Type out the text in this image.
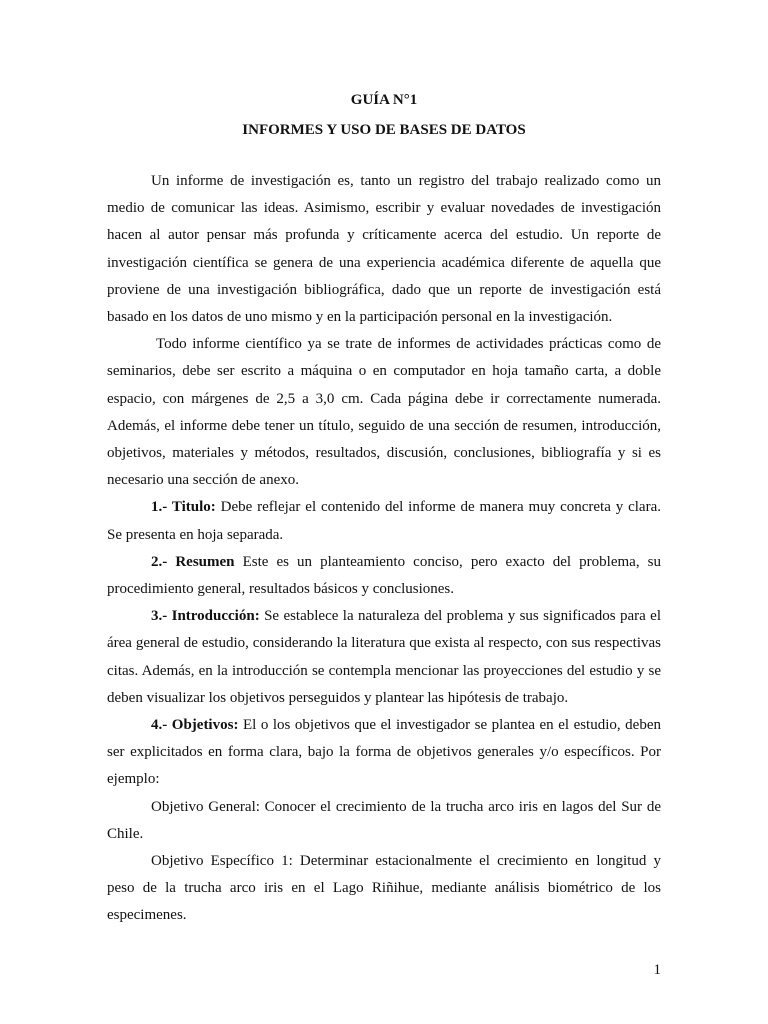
GUÍA N°1
INFORMES Y USO DE BASES DE DATOS

Un informe de investigación es, tanto un registro del trabajo realizado como un medio de comunicar las ideas. Asimismo, escribir y evaluar novedades de investigación hacen al autor pensar más profunda y críticamente acerca del estudio. Un reporte de investigación científica se genera de una experiencia académica diferente de aquella que proviene de una investigación bibliográfica, dado que un reporte de investigación está basado en los datos de uno mismo y en la participación personal en la investigación.

Todo informe científico ya se trate de informes de actividades prácticas como de seminarios, debe ser escrito a máquina o en computador en hoja tamaño carta, a doble espacio, con márgenes de 2,5 a 3,0 cm. Cada página debe ir correctamente numerada. Además, el informe debe tener un título, seguido de una sección de resumen, introducción, objetivos, materiales y métodos, resultados, discusión, conclusiones, bibliografía y si es necesario una sección de anexo.

1.- Titulo: Debe reflejar el contenido del informe de manera muy concreta y clara. Se presenta en hoja separada.

2.- Resumen Este es un planteamiento conciso, pero exacto del problema, su procedimiento general, resultados básicos y conclusiones.

3.- Introducción: Se establece la naturaleza del problema y sus significados para el área general de estudio, considerando la literatura que exista al respecto, con sus respectivas citas. Además, en la introducción se contempla mencionar las proyecciones del estudio y se deben visualizar los objetivos perseguidos y plantear las hipótesis de trabajo.

4.- Objetivos: El o los objetivos que el investigador se plantea en el estudio, deben ser explicitados en forma clara, bajo la forma de objetivos generales y/o específicos. Por ejemplo:

Objetivo General: Conocer el crecimiento de la trucha arco iris en lagos del Sur de Chile.

Objetivo Específico 1: Determinar estacionalmente el crecimiento en longitud y peso de la trucha arco iris en el Lago Riñihue, mediante análisis biométrico de los especimenes.

1
